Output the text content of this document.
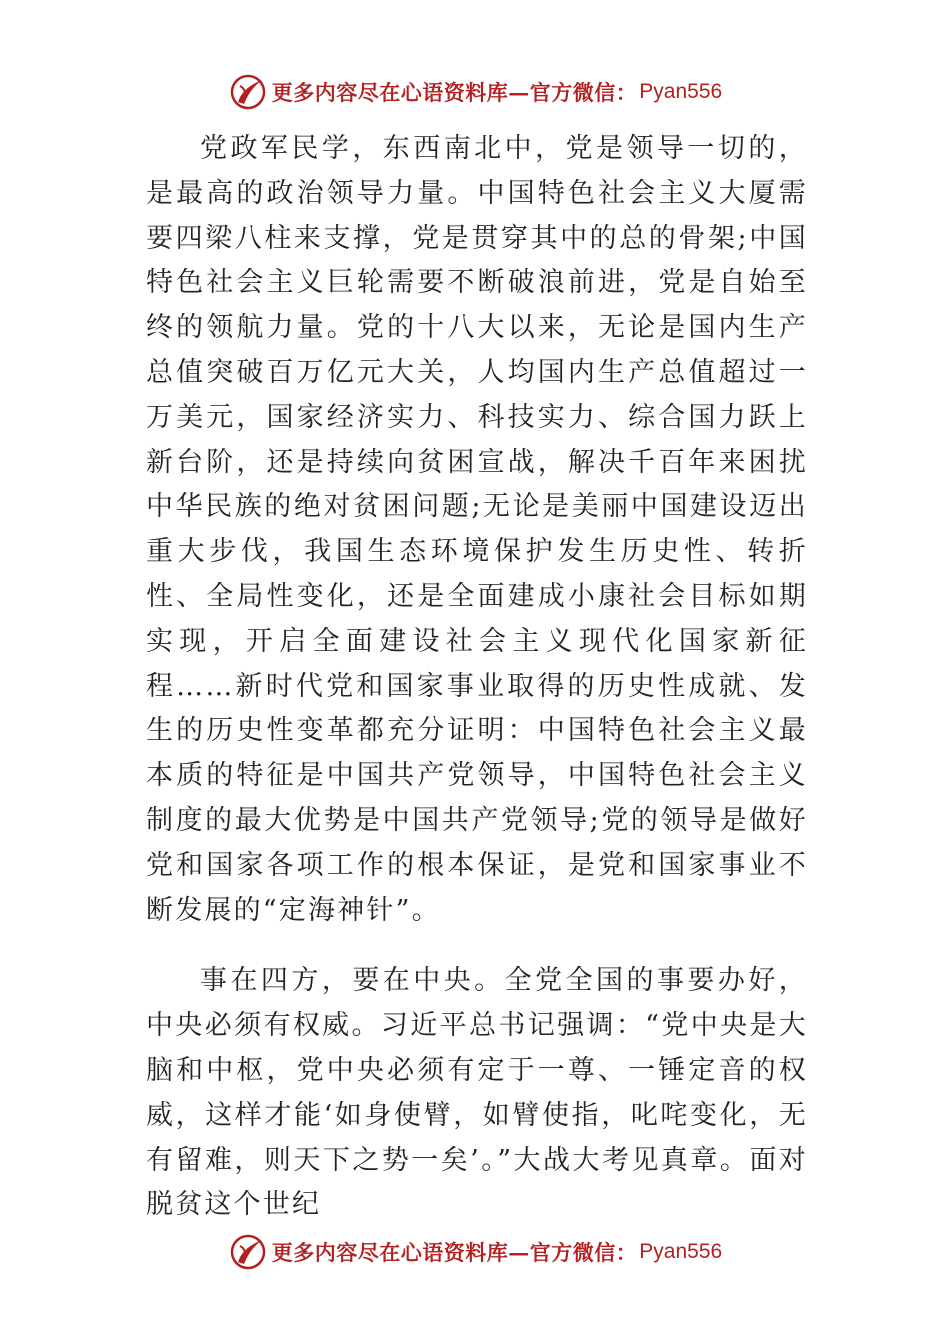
更多内容尽在心语资料库—官方微信： Pyan556

党政军民学，东西南北中，党是领导一切的，是最高的政治领导力量。中国特色社会主义大厦需要四梁八柱来支撑，党是贯穿其中的总的骨架;中国特色社会主义巨轮需要不断破浪前进，党是自始至终的领航力量。党的十八大以来，无论是国内生产总值突破百万亿元大关，人均国内生产总值超过一万美元，国家经济实力、科技实力、综合国力跃上新台阶，还是持续向贫困宣战，解决千百年来困扰中华民族的绝对贫困问题;无论是美丽中国建设迈出重大步伐，我国生态环境保护发生历史性、转折性、全局性变化，还是全面建成小康社会目标如期实现，开启全面建设社会主义现代化国家新征程……新时代党和国家事业取得的历史性成就、发生的历史性变革都充分证明：中国特色社会主义最本质的特征是中国共产党领导，中国特色社会主义制度的最大优势是中国共产党领导;党的领导是做好党和国家各项工作的根本保证，是党和国家事业不断发展的“定海神针”。

事在四方，要在中央。全党全国的事要办好，中央必须有权威。习近平总书记强调：“党中央是大脑和中枢，党中央必须有定于一尊、一锤定音的权威，这样才能‘如身使臂，如臂使指，叱咤变化，无有留难，则天下之势一矣’。”大战大考见真章。面对脱贫这个世纪

更多内容尽在心语资料库—官方微信： Pyan556
